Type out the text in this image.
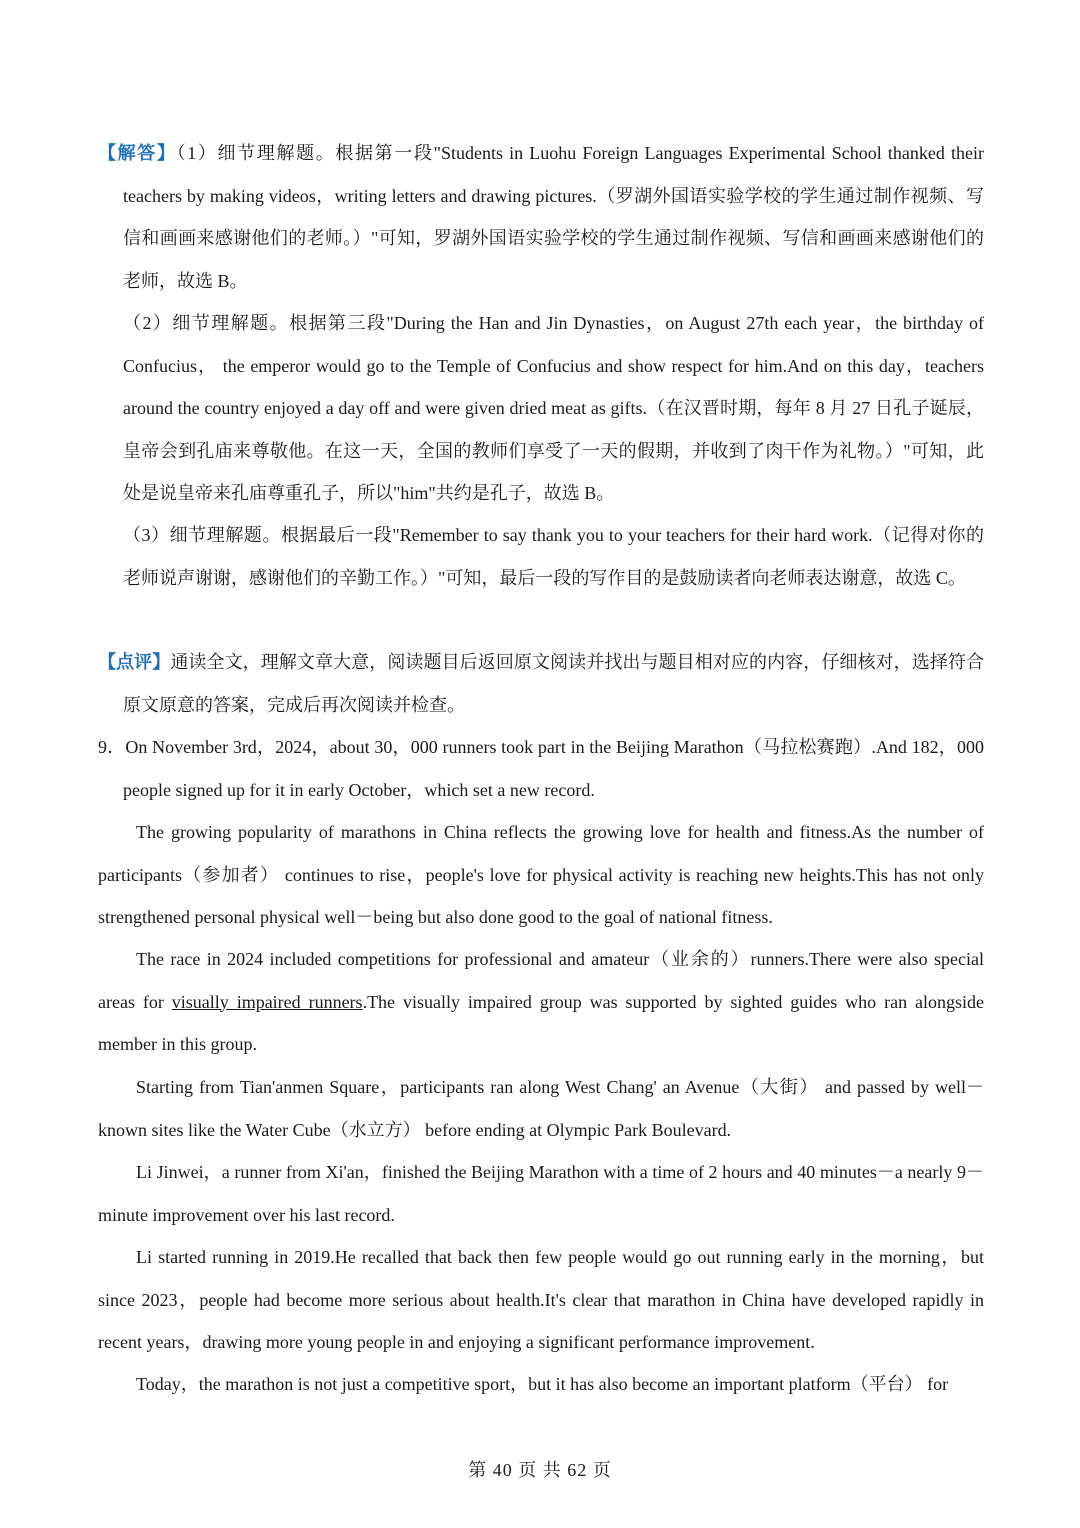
【解答】（1）细节理解题。根据第一段"Students in Luohu Foreign Languages Experimental School thanked their teachers by making videos，writing letters and drawing pictures.（罗湖外国语实验学校的学生通过制作视频、写信和画画来感谢他们的老师。）"可知，罗湖外国语实验学校的学生通过制作视频、写信和画画来感谢他们的老师，故选 B。

（2）细节理解题。根据第三段"During the Han and Jin Dynasties，on August 27th each year，the birthday of Confucius， the emperor would go to the Temple of Confucius and show respect for him.And on this day，teachers around the country enjoyed a day off and were given dried meat as gifts.（在汉晋时期，每年 8 月 27 日孔子诞辰，皇帝会到孔庙来尊敬他。在这一天，全国的教师们享受了一天的假期，并收到了肉干作为礼物。）"可知，此处是说皇帝来孔庙尊重孔子，所以"him"共约是孔子，故选 B。

（3）细节理解题。根据最后一段"Remember to say thank you to your teachers for their hard work.（记得对你的老师说声谢谢，感谢他们的辛勤工作。）"可知，最后一段的写作目的是鼓励读者向老师表达谢意，故选 C。

【点评】通读全文，理解文章大意，阅读题目后返回原文阅读并找出与题目相对应的内容，仔细核对，选择符合原文原意的答案，完成后再次阅读并检查。

9．On November 3rd，2024，about 30，000 runners took part in the Beijing Marathon（马拉松赛跑）.And 182，000 people signed up for it in early October，which set a new record.

The growing popularity of marathons in China reflects the growing love for health and fitness.As the number of participants（参加者） continues to rise，people's love for physical activity is reaching new heights.This has not only strengthened personal physical well－being but also done good to the goal of national fitness.

The race in 2024 included competitions for professional and amateur（业余的）runners.There were also special areas for visually impaired runners.The visually impaired group was supported by sighted guides who ran alongside member in this group.

Starting from Tian'anmen Square，participants ran along West Chang' an Avenue（大街） and passed by well－known sites like the Water Cube（水立方） before ending at Olympic Park Boulevard.

Li Jinwei，a runner from Xi'an，finished the Beijing Marathon with a time of 2 hours and 40 minutes－a nearly 9－minute improvement over his last record.

Li started running in 2019.He recalled that back then few people would go out running early in the morning，but since 2023，people had become more serious about health.It's clear that marathon in China have developed rapidly in recent years，drawing more young people in and enjoying a significant performance improvement.

Today，the marathon is not just a competitive sport，but it has also become an important platform（平台） for

第 40 页 共 62 页
